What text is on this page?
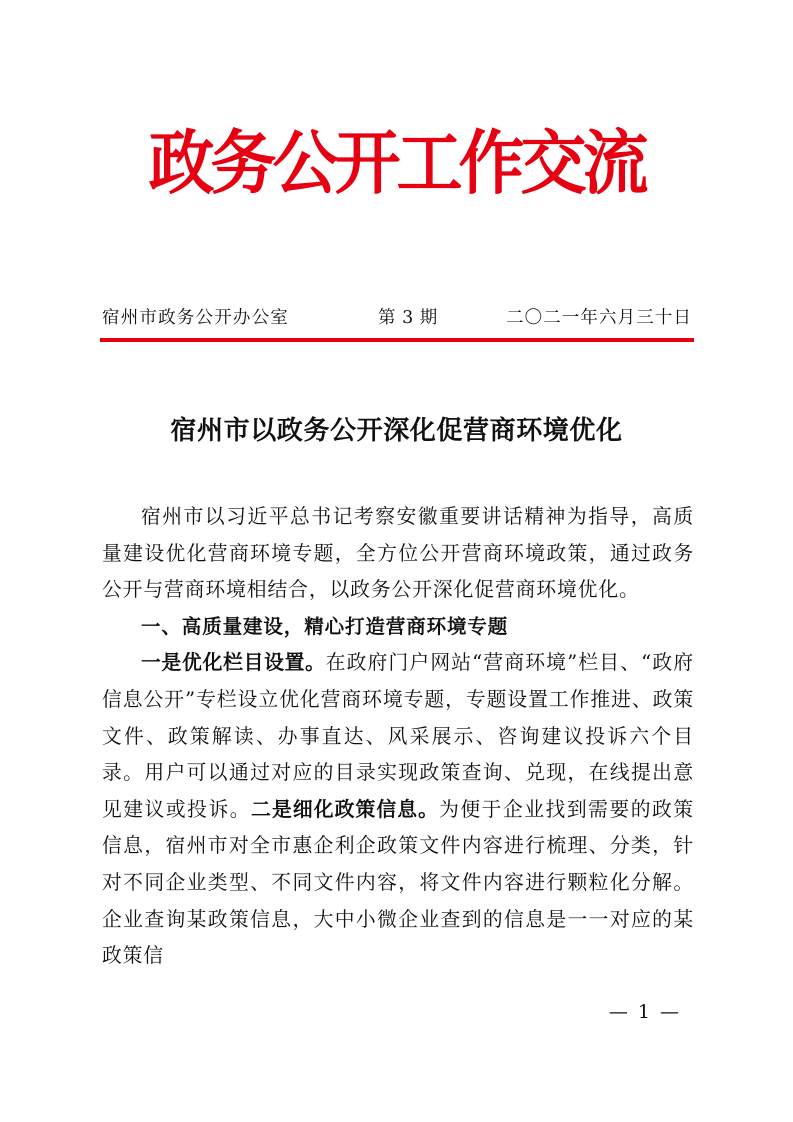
政务公开工作交流
宿州市政务公开办公室	第 3 期	二〇二一年六月三十日
宿州市以政务公开深化促营商环境优化

宿州市以习近平总书记考察安徽重要讲话精神为指导，高质量建设优化营商环境专题，全方位公开营商环境政策，通过政务公开与营商环境相结合，以政务公开深化促营商环境优化。

一、高质量建设，精心打造营商环境专题

一是优化栏目设置。在政府门户网站“营商环境”栏目、“政府信息公开”专栏设立优化营商环境专题，专题设置工作推进、政策文件、政策解读、办事直达、风采展示、咨询建议投诉六个目录。用户可以通过对应的目录实现政策查询、兑现，在线提出意见建议或投诉。二是细化政策信息。为便于企业找到需要的政策信息，宿州市对全市惠企利企政策文件内容进行梳理、分类，针对不同企业类型、不同文件内容，将文件内容进行颗粒化分解。企业查询某政策信息，大中小微企业查到的信息是一一对应的某政策信

— 1 —
